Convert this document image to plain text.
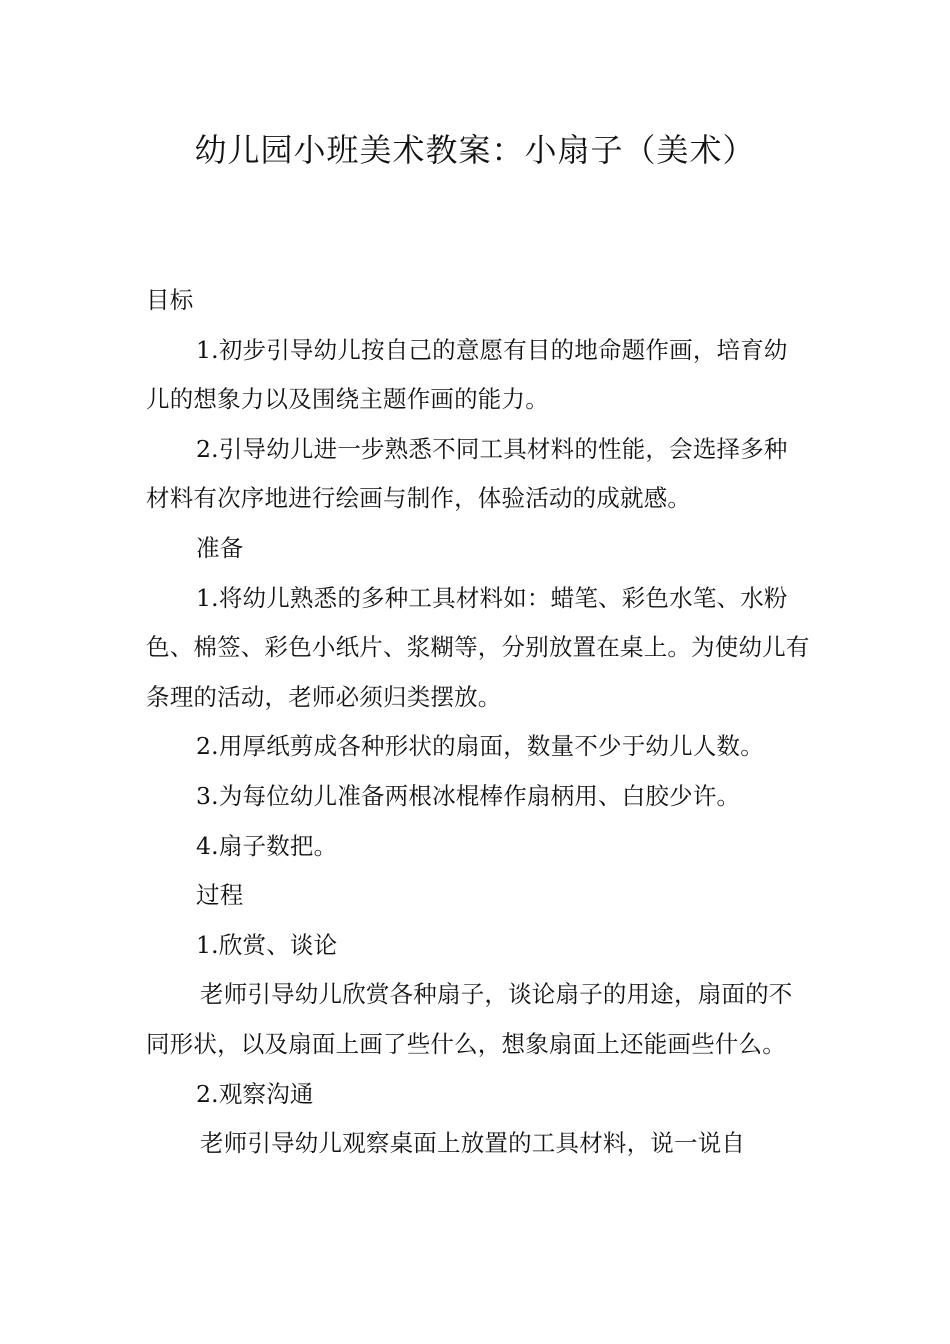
幼儿园小班美术教案：小扇子（美术）

目标

1.初步引导幼儿按自己的意愿有目的地命题作画，培育幼儿的想象力以及围绕主题作画的能力。

2.引导幼儿进一步熟悉不同工具材料的性能，会选择多种材料有次序地进行绘画与制作，体验活动的成就感。

准备

1.将幼儿熟悉的多种工具材料如：蜡笔、彩色水笔、水粉色、棉签、彩色小纸片、浆糊等，分别放置在桌上。为使幼儿有条理的活动，老师必须归类摆放。

2.用厚纸剪成各种形状的扇面，数量不少于幼儿人数。

3.为每位幼儿准备两根冰棍棒作扇柄用、白胶少许。

4.扇子数把。

过程

1.欣赏、谈论

老师引导幼儿欣赏各种扇子，谈论扇子的用途，扇面的不同形状，以及扇面上画了些什么，想象扇面上还能画些什么。

2.观察沟通

老师引导幼儿观察桌面上放置的工具材料，说一说自
